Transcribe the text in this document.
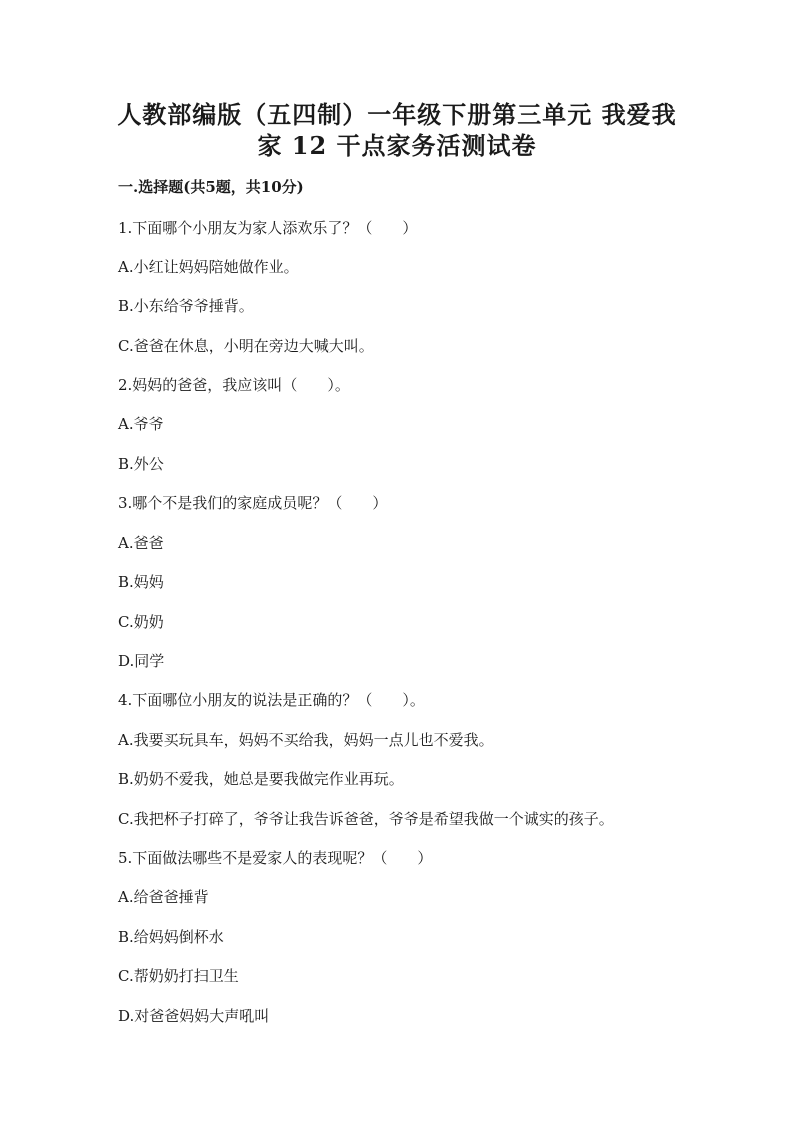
人教部编版（五四制）一年级下册第三单元 我爱我
家 12 干点家务活测试卷
一.选择题(共5题，共10分)
1.下面哪个小朋友为家人添欢乐了？（　　）
A.小红让妈妈陪她做作业。
B.小东给爷爷捶背。
C.爸爸在休息，小明在旁边大喊大叫。
2.妈妈的爸爸，我应该叫（　　）。
A.爷爷
B.外公
3.哪个不是我们的家庭成员呢？（　　）
A.爸爸
B.妈妈
C.奶奶
D.同学
4.下面哪位小朋友的说法是正确的？（　　）。
A.我要买玩具车，妈妈不买给我，妈妈一点儿也不爱我。
B.奶奶不爱我，她总是要我做完作业再玩。
C.我把杯子打碎了，爷爷让我告诉爸爸，爷爷是希望我做一个诚实的孩子。
5.下面做法哪些不是爱家人的表现呢？（　　）
A.给爸爸捶背
B.给妈妈倒杯水
C.帮奶奶打扫卫生
D.对爸爸妈妈大声吼叫
